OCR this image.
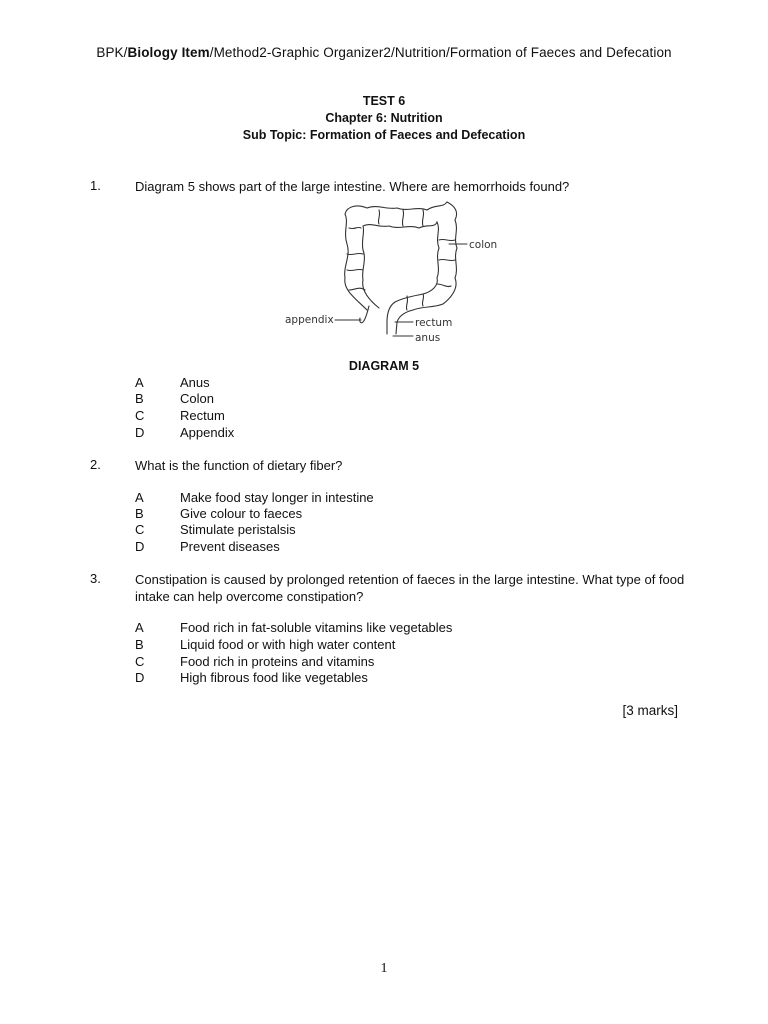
BPK/Biology Item/Method2-Graphic Organizer2/Nutrition/Formation of Faeces and Defecation
TEST 6
Chapter 6: Nutrition
Sub Topic: Formation of Faeces and Defecation
1.	Diagram 5 shows part of the large intestine. Where are hemorrhoids found?
colon
appendix	rectum
anus
DIAGRAM 5
A	Anus
B	Colon
C	Rectum
D	Appendix
2.	What is the function of dietary fiber?
A	Make food stay longer in intestine
B	Give colour to faeces
C	Stimulate peristalsis
D	Prevent diseases
3.	Constipation is caused by prolonged retention of faeces in the large intestine. What type of food intake can help overcome constipation?
A	Food rich in fat-soluble vitamins like vegetables
B	Liquid food or with high water content
C	Food rich in proteins and vitamins
D	High fibrous food like vegetables
[3 marks]
1
